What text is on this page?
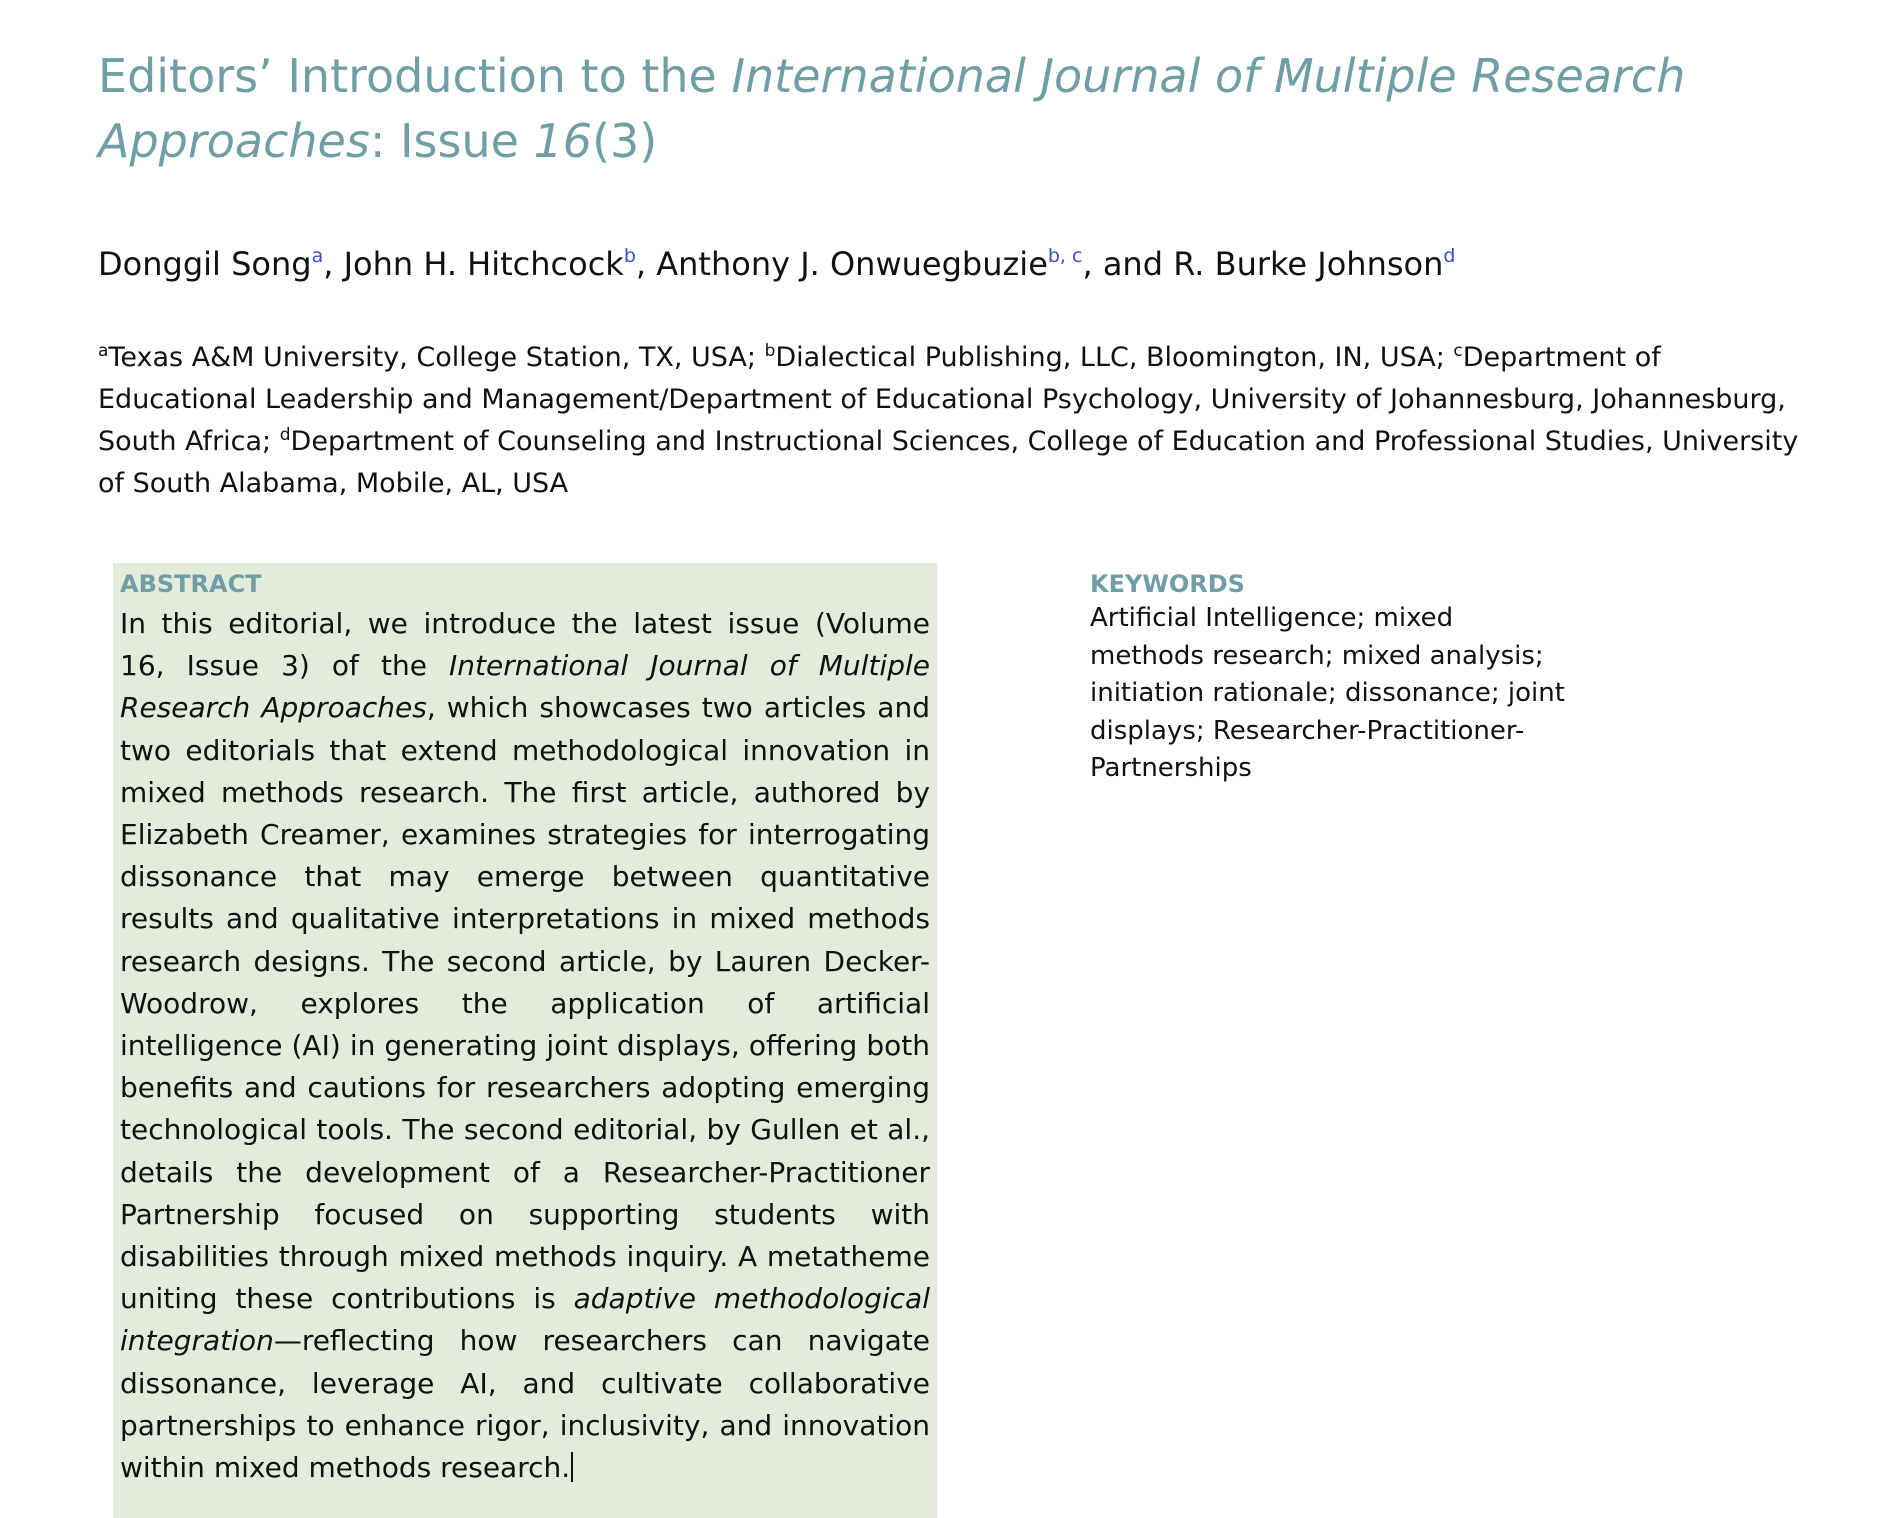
Editors’ Introduction to the International Journal of Multiple Research Approaches: Issue 16(3)
Donggil Song$^a$, John H. Hitchcock$^b$, Anthony J. Onwuegbuzie$^{b, c}$, and R. Burke Johnson$^d$
$^a$Texas A&M University, College Station, TX, USA; $^b$Dialectical Publishing, LLC, Bloomington, IN, USA; $^c$Department of Educational Leadership and Management/Department of Educational Psychology, University of Johannesburg, Johannesburg, South Africa; $^d$Department of Counseling and Instructional Sciences, College of Education and Professional Studies, University of South Alabama, Mobile, AL, USA
ABSTRACT

In this editorial, we introduce the latest issue (Volume 16, Issue 3) of the International Journal of Multiple Research Approaches, which showcases two articles and two editorials that extend methodological innovation in mixed methods research. The first article, authored by Elizabeth Creamer, examines strategies for interrogating dissonance that may emerge between quantitative results and qualitative interpretations in mixed methods research designs. The second article, by Lauren Decker-Woodrow, explores the application of artificial intelligence (AI) in generating joint displays, offering both benefits and cautions for researchers adopting emerging technological tools. The second editorial, by Gullen et al., details the development of a Researcher-Practitioner Partnership focused on supporting students with disabilities through mixed methods inquiry. A metatheme uniting these contributions is adaptive methodological integration—reflecting how researchers can navigate dissonance, leverage AI, and cultivate collaborative partnerships to enhance rigor, inclusivity, and innovation within mixed methods research.

KEYWORDS

Artificial Intelligence; mixed methods research; mixed analysis; initiation rationale; dissonance; joint displays; Researcher-Practitioner-Partnerships
